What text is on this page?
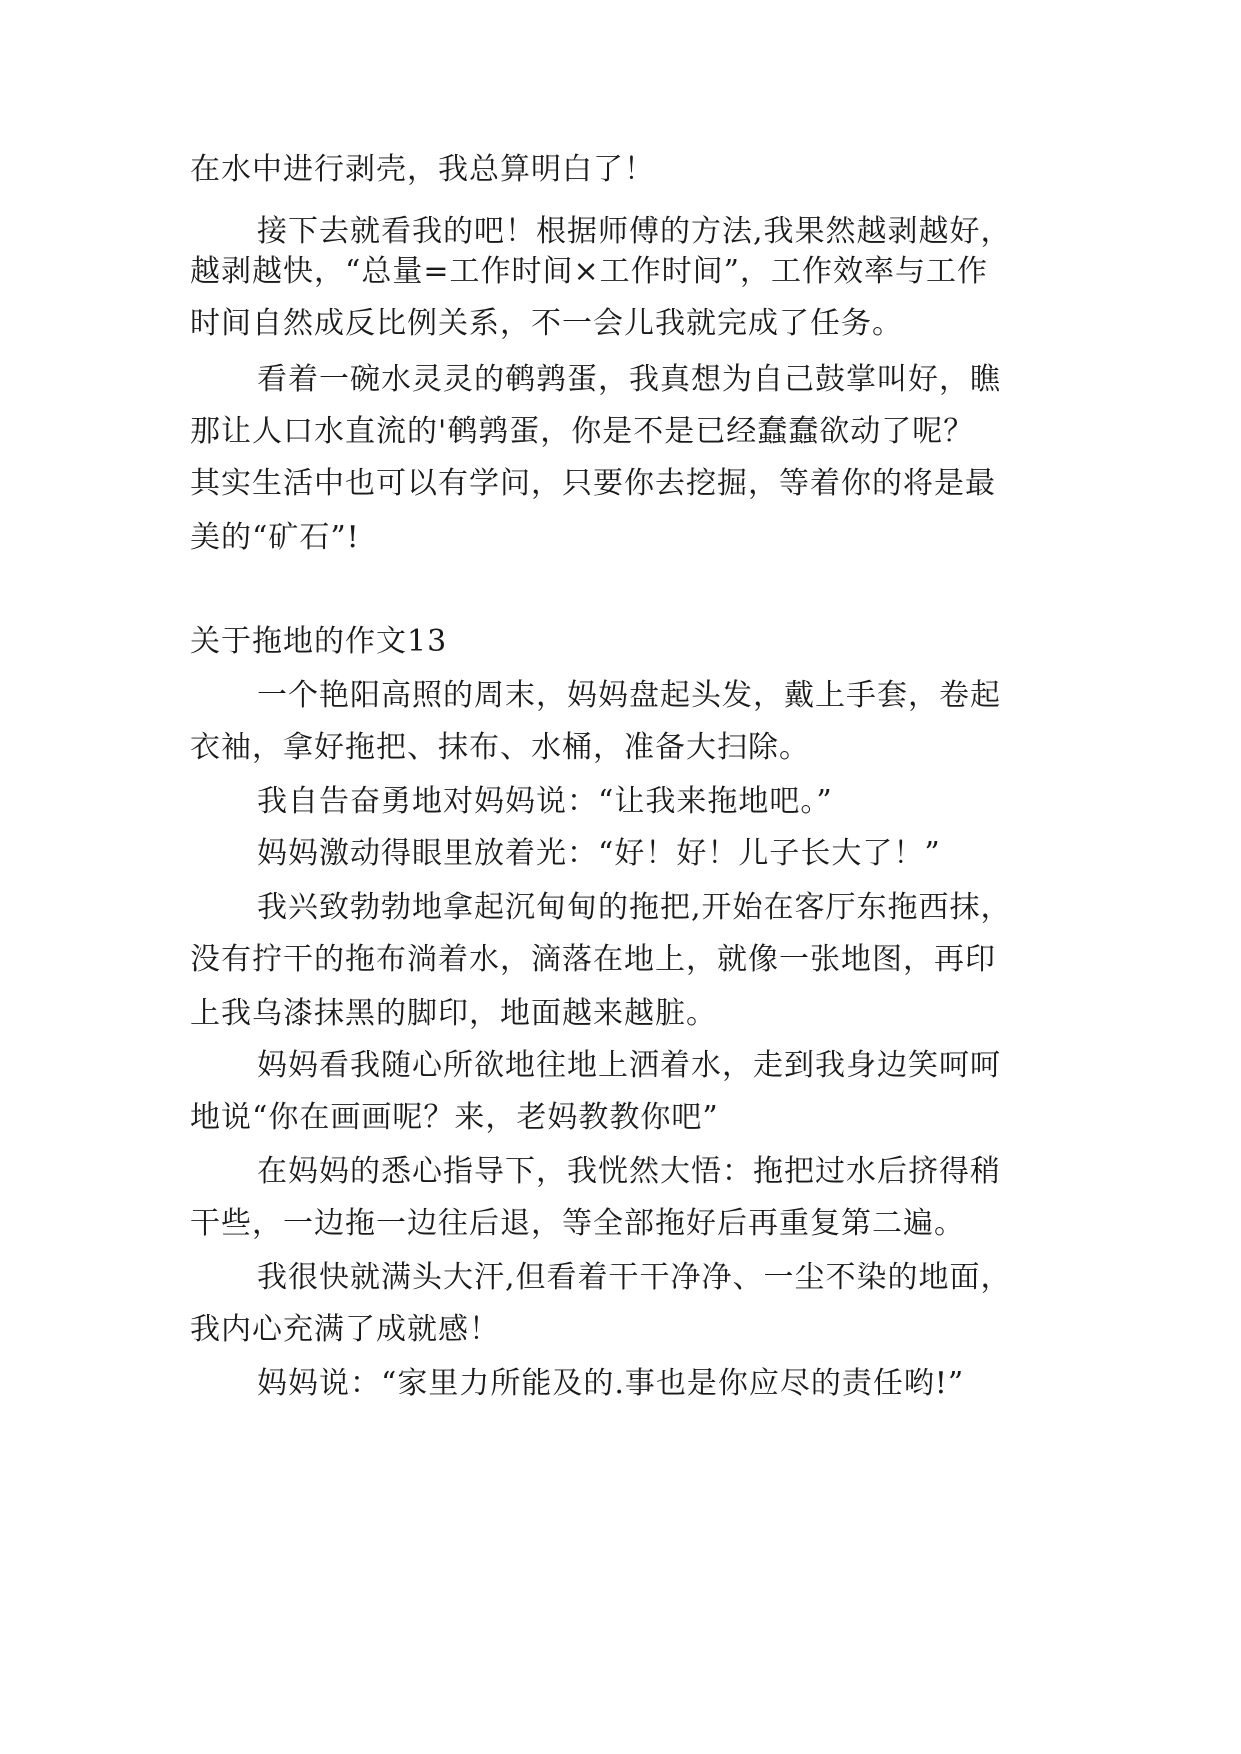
在水中进行剥壳，我总算明白了！
接下去就看我的吧！根据师傅的方法,我果然越剥越好，
越剥越快，“总量=工作时间×工作时间”，工作效率与工作
时间自然成反比例关系，不一会儿我就完成了任务。
看着一碗水灵灵的鹌鹑蛋，我真想为自己鼓掌叫好，瞧
那让人口水直流的'鹌鹑蛋，你是不是已经蠢蠢欲动了呢？
其实生活中也可以有学问，只要你去挖掘，等着你的将是最
美的“矿石”!
关于拖地的作文13
一个艳阳高照的周末，妈妈盘起头发，戴上手套，卷起
衣袖，拿好拖把、抹布、水桶，准备大扫除。
我自告奋勇地对妈妈说：“让我来拖地吧。”
妈妈激动得眼里放着光：“好！好！儿子长大了！”
我兴致勃勃地拿起沉甸甸的拖把,开始在客厅东拖西抹，
没有拧干的拖布淌着水，滴落在地上，就像一张地图，再印
上我乌漆抹黑的脚印，地面越来越脏。
妈妈看我随心所欲地往地上洒着水，走到我身边笑呵呵
地说“你在画画呢？来，老妈教教你吧”
在妈妈的悉心指导下，我恍然大悟：拖把过水后挤得稍
干些，一边拖一边往后退，等全部拖好后再重复第二遍。
我很快就满头大汗,但看着干干净净、一尘不染的地面，
我内心充满了成就感！
妈妈说：“家里力所能及的.事也是你应尽的责任哟!”
